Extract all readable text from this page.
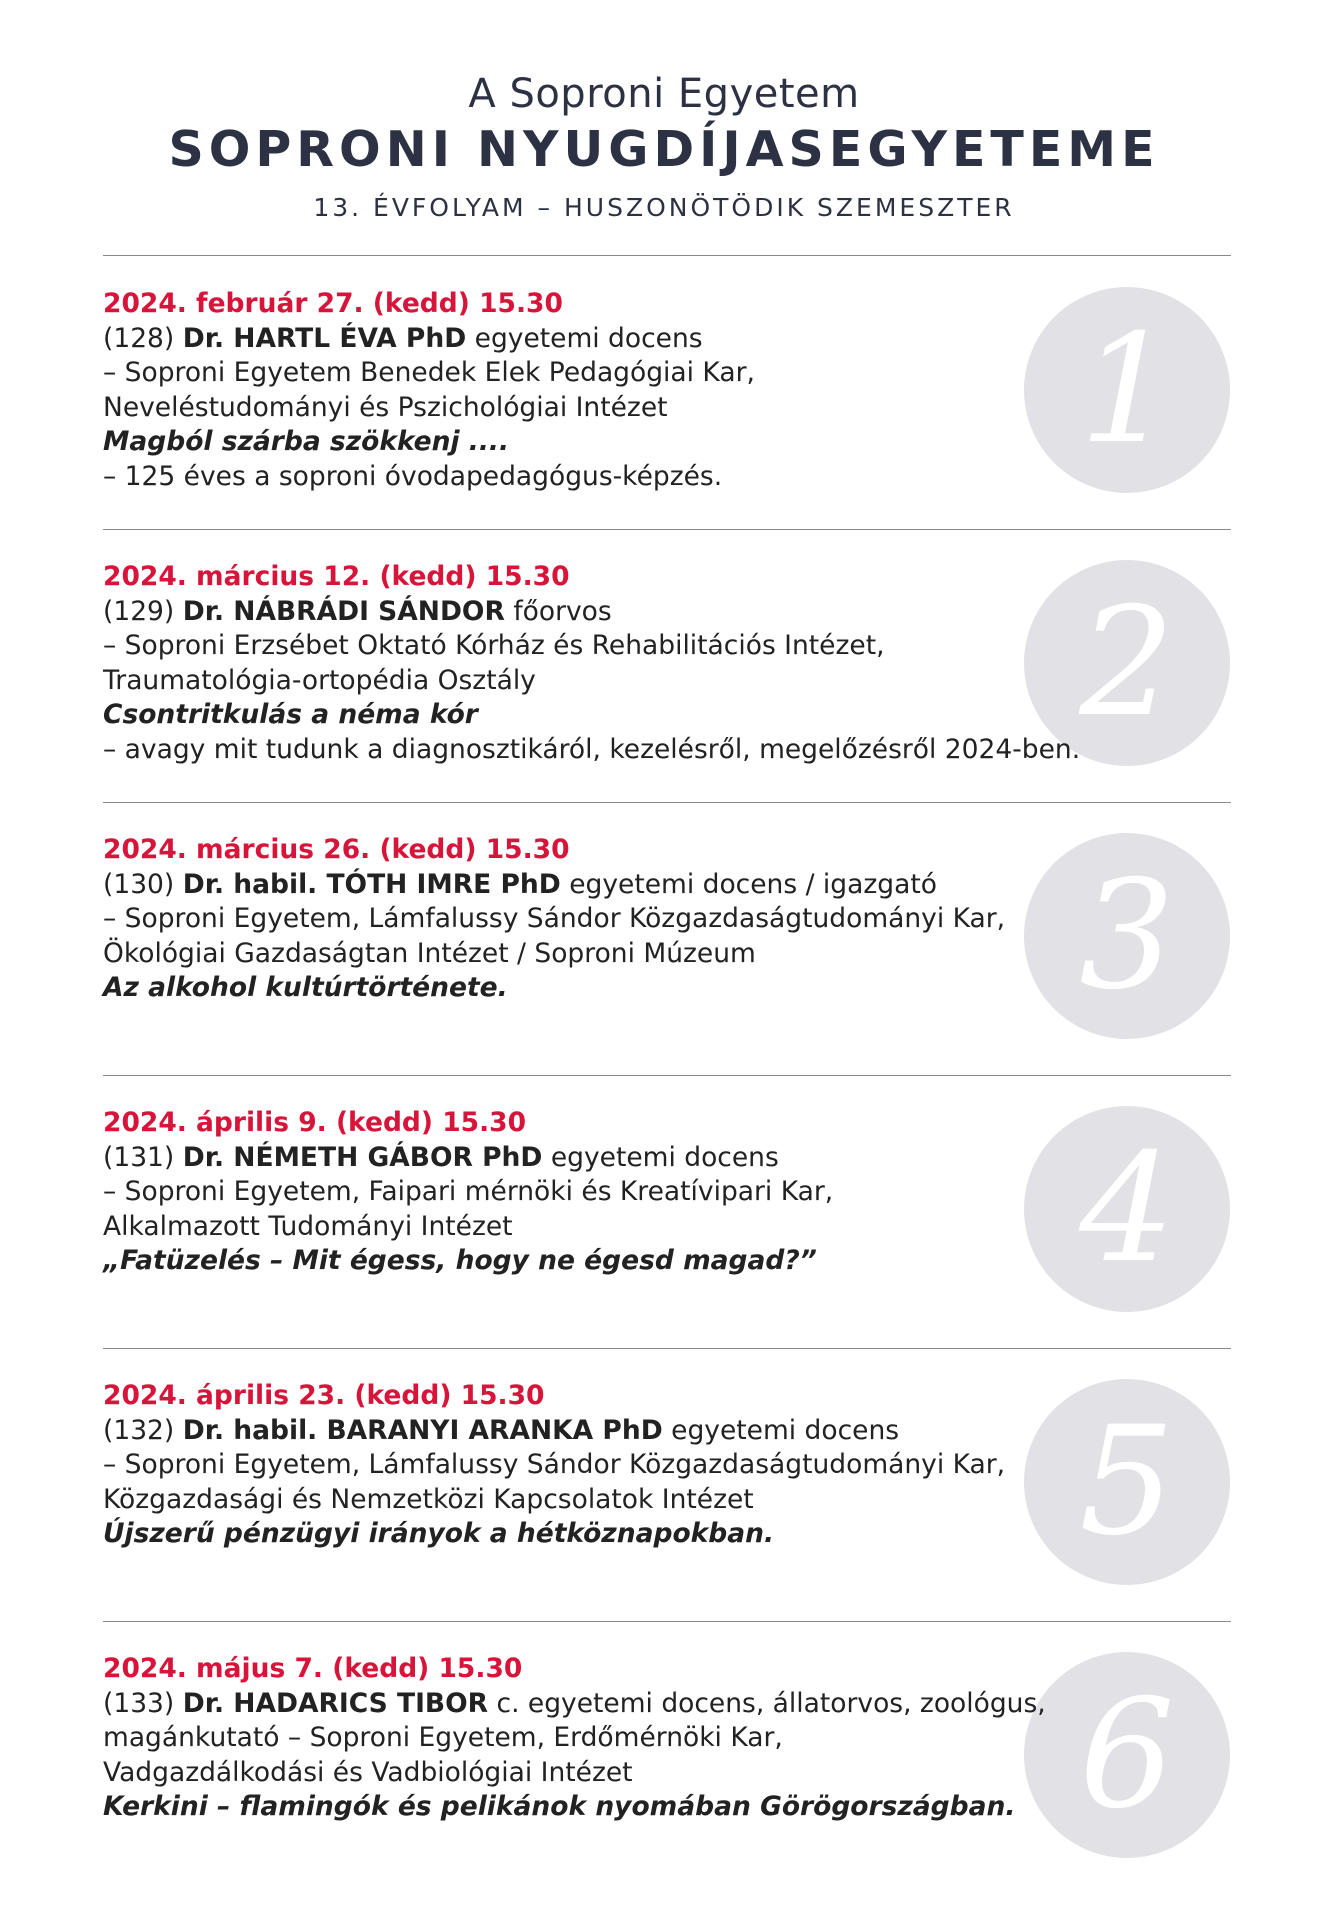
A Soproni Egyetem
SOPRONI NYUGDÍJASEGYETEME
13. ÉVFOLYAM – HUSZONÖTÖDIK SZEMESZTER
1
2024. február 27. (kedd) 15.30
(128) Dr. HARTL ÉVA PhD egyetemi docens
– Soproni Egyetem Benedek Elek Pedagógiai Kar,
Neveléstudományi és Pszichológiai Intézet
Magból szárba szökkenj ....
– 125 éves a soproni óvodapedagógus-képzés.
2
2024. március 12. (kedd) 15.30
(129) Dr. NÁBRÁDI SÁNDOR főorvos
– Soproni Erzsébet Oktató Kórház és Rehabilitációs Intézet,
Traumatológia-ortopédia Osztály
Csontritkulás a néma kór
– avagy mit tudunk a diagnosztikáról, kezelésről, megelőzésről 2024-ben.
3
2024. március 26. (kedd) 15.30
(130) Dr. habil. TÓTH IMRE PhD egyetemi docens / igazgató
– Soproni Egyetem, Lámfalussy Sándor Közgazdaságtudományi Kar,
Ökológiai Gazdaságtan Intézet / Soproni Múzeum
Az alkohol kultúrtörténete.
4
2024. április 9. (kedd) 15.30
(131) Dr. NÉMETH GÁBOR PhD egyetemi docens
– Soproni Egyetem, Faipari mérnöki és Kreatívipari Kar,
Alkalmazott Tudományi Intézet
„Fatüzelés – Mit égess, hogy ne égesd magad?”
5
2024. április 23. (kedd) 15.30
(132) Dr. habil. BARANYI ARANKA PhD egyetemi docens
– Soproni Egyetem, Lámfalussy Sándor Közgazdaságtudományi Kar,
Közgazdasági és Nemzetközi Kapcsolatok Intézet
Újszerű pénzügyi irányok a hétköznapokban.
6
2024. május 7. (kedd) 15.30
(133) Dr. HADARICS TIBOR c. egyetemi docens, állatorvos, zoológus,
magánkutató – Soproni Egyetem, Erdőmérnöki Kar,
Vadgazdálkodási és Vadbiológiai Intézet
Kerkini – flamingók és pelikánok nyomában Görögországban.
